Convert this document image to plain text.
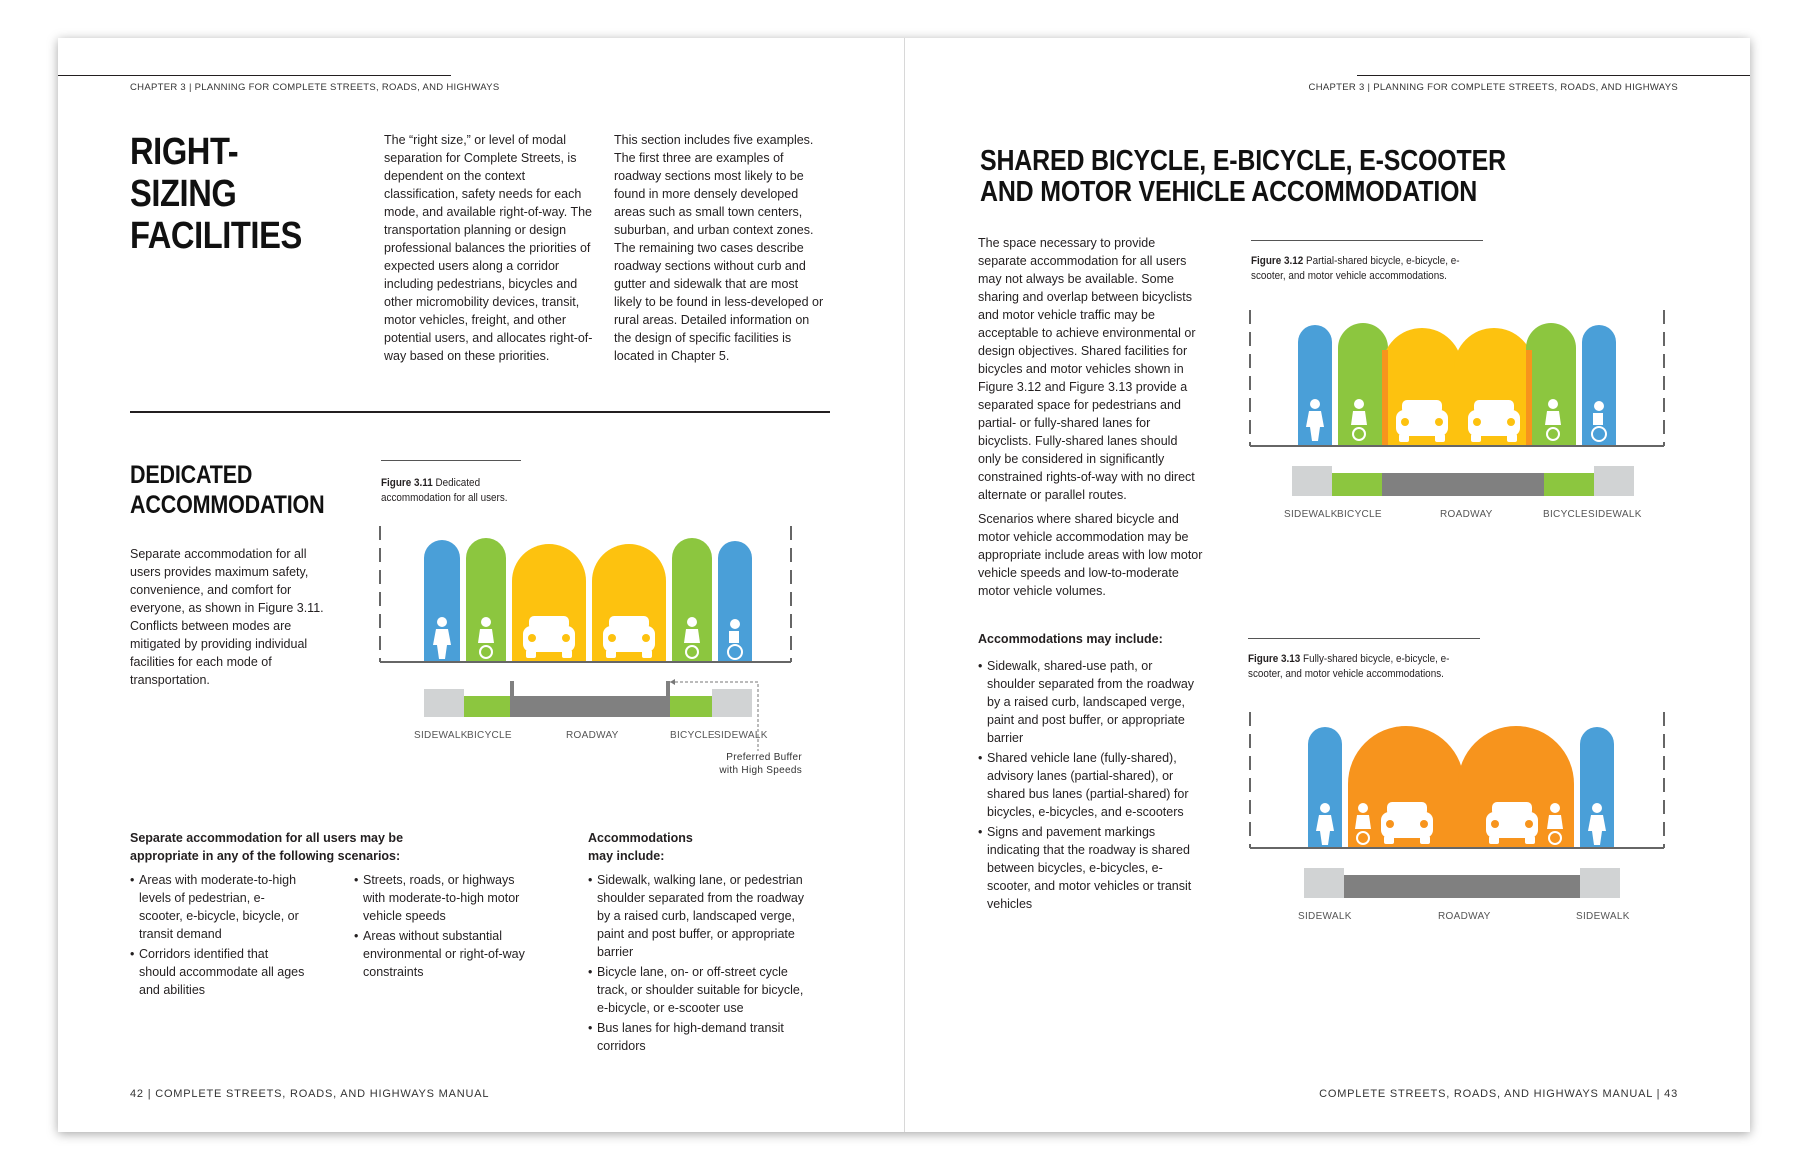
CHAPTER 3 | PLANNING FOR COMPLETE STREETS, ROADS, AND HIGHWAYS
RIGHT-
SIZING
FACILITIES
The “right size,” or level of modal separation for Complete Streets, is dependent on the context classification, safety needs for each mode, and available right-of-way. The transportation planning or design professional balances the priorities of expected users along a corridor including pedestrians, bicycles and other micromobility devices, transit, motor vehicles, freight, and other potential users, and allocates right-of-way based on these priorities.
This section includes five examples. The first three are examples of roadway sections most likely to be found in more densely developed areas such as small town centers, suburban, and urban context zones. The remaining two cases describe roadway sections without curb and gutter and sidewalk that are most likely to be found in less-developed or rural areas. Detailed information on the design of specific facilities is located in Chapter 5.
DEDICATED
ACCOMMODATION
Separate accommodation for all users provides maximum safety, convenience, and comfort for everyone, as shown in Figure 3.11. Conflicts between modes are mitigated by providing individual facilities for each mode of transportation.
Figure 3.11 Dedicated accommodation for all users.
SIDEWALK BICYCLE	ROADWAY	BICYCLE SIDEWALK
Preferred Buffer
with High Speeds
Separate accommodation for all users may be appropriate in any of the following scenarios:
• Areas with moderate-to-high levels of pedestrian, e-scooter, e-bicycle, bicycle, or transit demand
• Corridors identified that should accommodate all ages and abilities
• Streets, roads, or highways with moderate-to-high motor vehicle speeds
• Areas without substantial environmental or right-of-way constraints
Accommodations may include:
• Sidewalk, walking lane, or pedestrian shoulder separated from the roadway by a raised curb, landscaped verge, paint and post buffer, or appropriate barrier
• Bicycle lane, on- or off-street cycle track, or shoulder suitable for bicycle, e-bicycle, or e-scooter use
• Bus lanes for high-demand transit corridors
42 | COMPLETE STREETS, ROADS, AND HIGHWAYS MANUAL
CHAPTER 3 | PLANNING FOR COMPLETE STREETS, ROADS, AND HIGHWAYS
SHARED BICYCLE, E-BICYCLE, E-SCOOTER
AND MOTOR VEHICLE ACCOMMODATION

The space necessary to provide separate accommodation for all users may not always be available. Some sharing and overlap between bicyclists and motor vehicle traffic may be acceptable to achieve environmental or design objectives. Shared facilities for bicycles and motor vehicles shown in Figure 3.12 and Figure 3.13 provide a separated space for pedestrians and partial- or fully-shared lanes for bicyclists. Fully-shared lanes should only be considered in significantly constrained rights-of-way with no direct alternate or parallel routes.

Scenarios where shared bicycle and motor vehicle accommodation may be appropriate include areas with low motor vehicle speeds and low-to-moderate motor vehicle volumes.

Accommodations may include:
• Sidewalk, shared-use path, or shoulder separated from the roadway by a raised curb, landscaped verge, paint and post buffer, or appropriate barrier
• Shared vehicle lane (fully-shared), advisory lanes (partial-shared), or shared bus lanes (partial-shared) for bicycles, e-bicycles, and e-scooters
• Signs and pavement markings indicating that the roadway is shared between bicycles, e-bicycles, e-scooter, and motor vehicles or transit vehicles
Figure 3.12 Partial-shared bicycle, e-bicycle, e-scooter, and motor vehicle accommodations.
SIDEWALK BICYCLE	ROADWAY	BICYCLE SIDEWALK
Figure 3.13 Fully-shared bicycle, e-bicycle, e-scooter, and motor vehicle accommodations.
SIDEWALK	ROADWAY	SIDEWALK
COMPLETE STREETS, ROADS, AND HIGHWAYS MANUAL | 43
